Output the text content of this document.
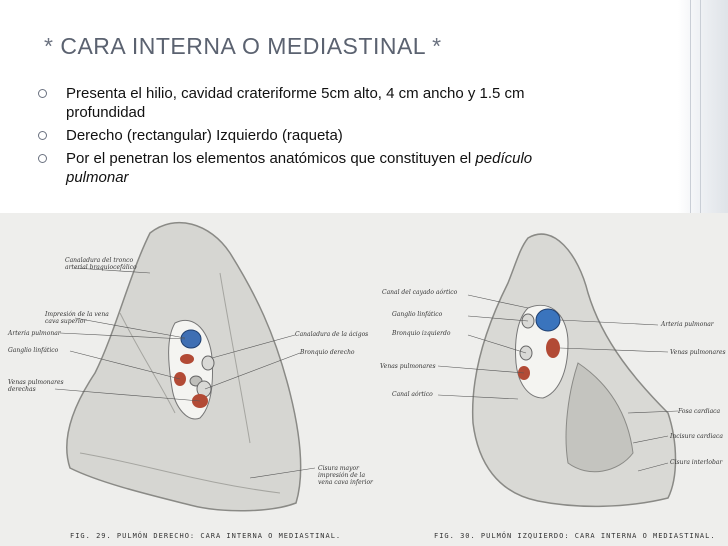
* CARA INTERNA O MEDIASTINAL *
Presenta el hilio, cavidad crateriforme 5cm alto, 4 cm ancho y 1.5 cm profundidad
Derecho (rectangular) Izquierdo (raqueta)
Por el penetran los elementos anatómicos que constituyen el pedículo pulmonar
Canaladura del tronco arterial braquiocefálico
Impresión de la vena cava superior
Arteria pulmonar
Ganglio linfático
Venas pulmonares derechas
Canaladura de la ácigos
Bronquio derecho
Cisura mayor impresión de la vena cava inferior
FIG. 29. PULMÓN DERECHO: CARA INTERNA O MEDIASTINAL.
Canal del cayado aórtico
Ganglio linfático
Bronquio izquierdo
Venas pulmonares
Canal aórtico
Arteria pulmonar
Venas pulmonares
Fosa cardiaca
Incisura cardiaca
Cisura interlobar
FIG. 30. PULMÓN IZQUIERDO: CARA INTERNA O MEDIASTINAL.
